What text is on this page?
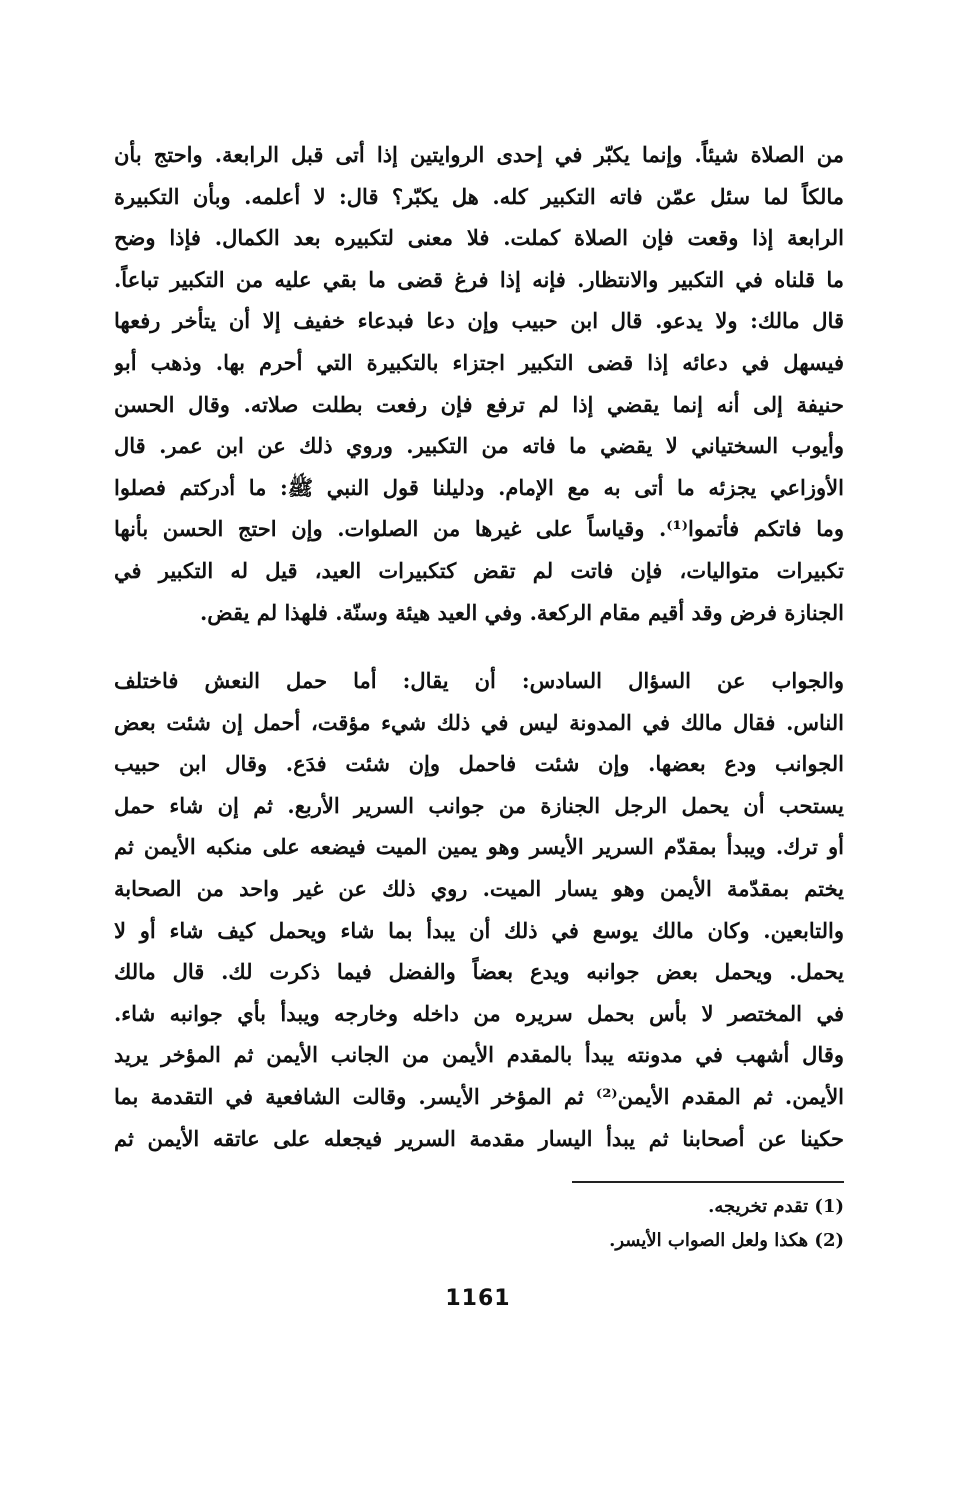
من الصلاة شيئاً. وإنما يكبّر في إحدى الروايتين إذا أتى قبل الرابعة. واحتج بأن
مالكاً لما سئل عمّن فاته التكبير كله. هل يكبّر؟ قال: لا أعلمه. وبأن التكبيرة
الرابعة إذا وقعت فإن الصلاة كملت. فلا معنى لتكبيره بعد الكمال. فإذا وضح
ما قلناه في التكبير والانتظار. فإنه إذا فرغ قضى ما بقي عليه من التكبير تباعاً.
قال مالك: ولا يدعو. قال ابن حبيب وإن دعا فبدعاء خفيف إلا أن يتأخر رفعها
فيسهل في دعائه إذا قضى التكبير اجتزاء بالتكبيرة التي أحرم بها. وذهب أبو
حنيفة إلى أنه إنما يقضي إذا لم ترفع فإن رفعت بطلت صلاته. وقال الحسن
وأيوب السختياني لا يقضي ما فاته من التكبير. وروي ذلك عن ابن عمر. قال
الأوزاعي يجزئه ما أتى به مع الإمام. ودليلنا قول النبي ﷺ: ما أدركتم فصلوا
وما فاتكم فأتموا⁽¹⁾. وقياساً على غيرها من الصلوات. وإن احتج الحسن بأنها
تكبيرات متواليات، فإن فاتت لم تقض كتكبيرات العيد، قيل له التكبير في
الجنازة فرض وقد أقيم مقام الركعة. وفي العيد هيئة وسنّة. فلهذا لم يقض.
والجواب عن السؤال السادس: أن يقال: أما حمل النعش فاختلف
الناس. فقال مالك في المدونة ليس في ذلك شيء مؤقت، أحمل إن شئت بعض
الجوانب ودع بعضها. وإن شئت فاحمل وإن شئت فدَع. وقال ابن حبيب
يستحب أن يحمل الرجل الجنازة من جوانب السرير الأربع. ثم إن شاء حمل
أو ترك. ويبدأ بمقدّم السرير الأيسر وهو يمين الميت فيضعه على منكبه الأيمن ثم
يختم بمقدّمة الأيمن وهو يسار الميت. روي ذلك عن غير واحد من الصحابة
والتابعين. وكان مالك يوسع في ذلك أن يبدأ بما شاء ويحمل كيف شاء أو لا
يحمل. ويحمل بعض جوانبه ويدع بعضاً والفضل فيما ذكرت لك. قال مالك
في المختصر لا بأس بحمل سريره من داخله وخارجه ويبدأ بأي جوانبه شاء.
وقال أشهب في مدونته يبدأ بالمقدم الأيمن من الجانب الأيمن ثم المؤخر يريد
الأيمن. ثم المقدم الأيمن⁽²⁾ ثم المؤخر الأيسر. وقالت الشافعية في التقدمة بما
حكينا عن أصحابنا ثم يبدأ اليسار مقدمة السرير فيجعله على عاتقه الأيمن ثم
(1) تقدم تخريجه.
(2) هكذا ولعل الصواب الأيسر.
1161
